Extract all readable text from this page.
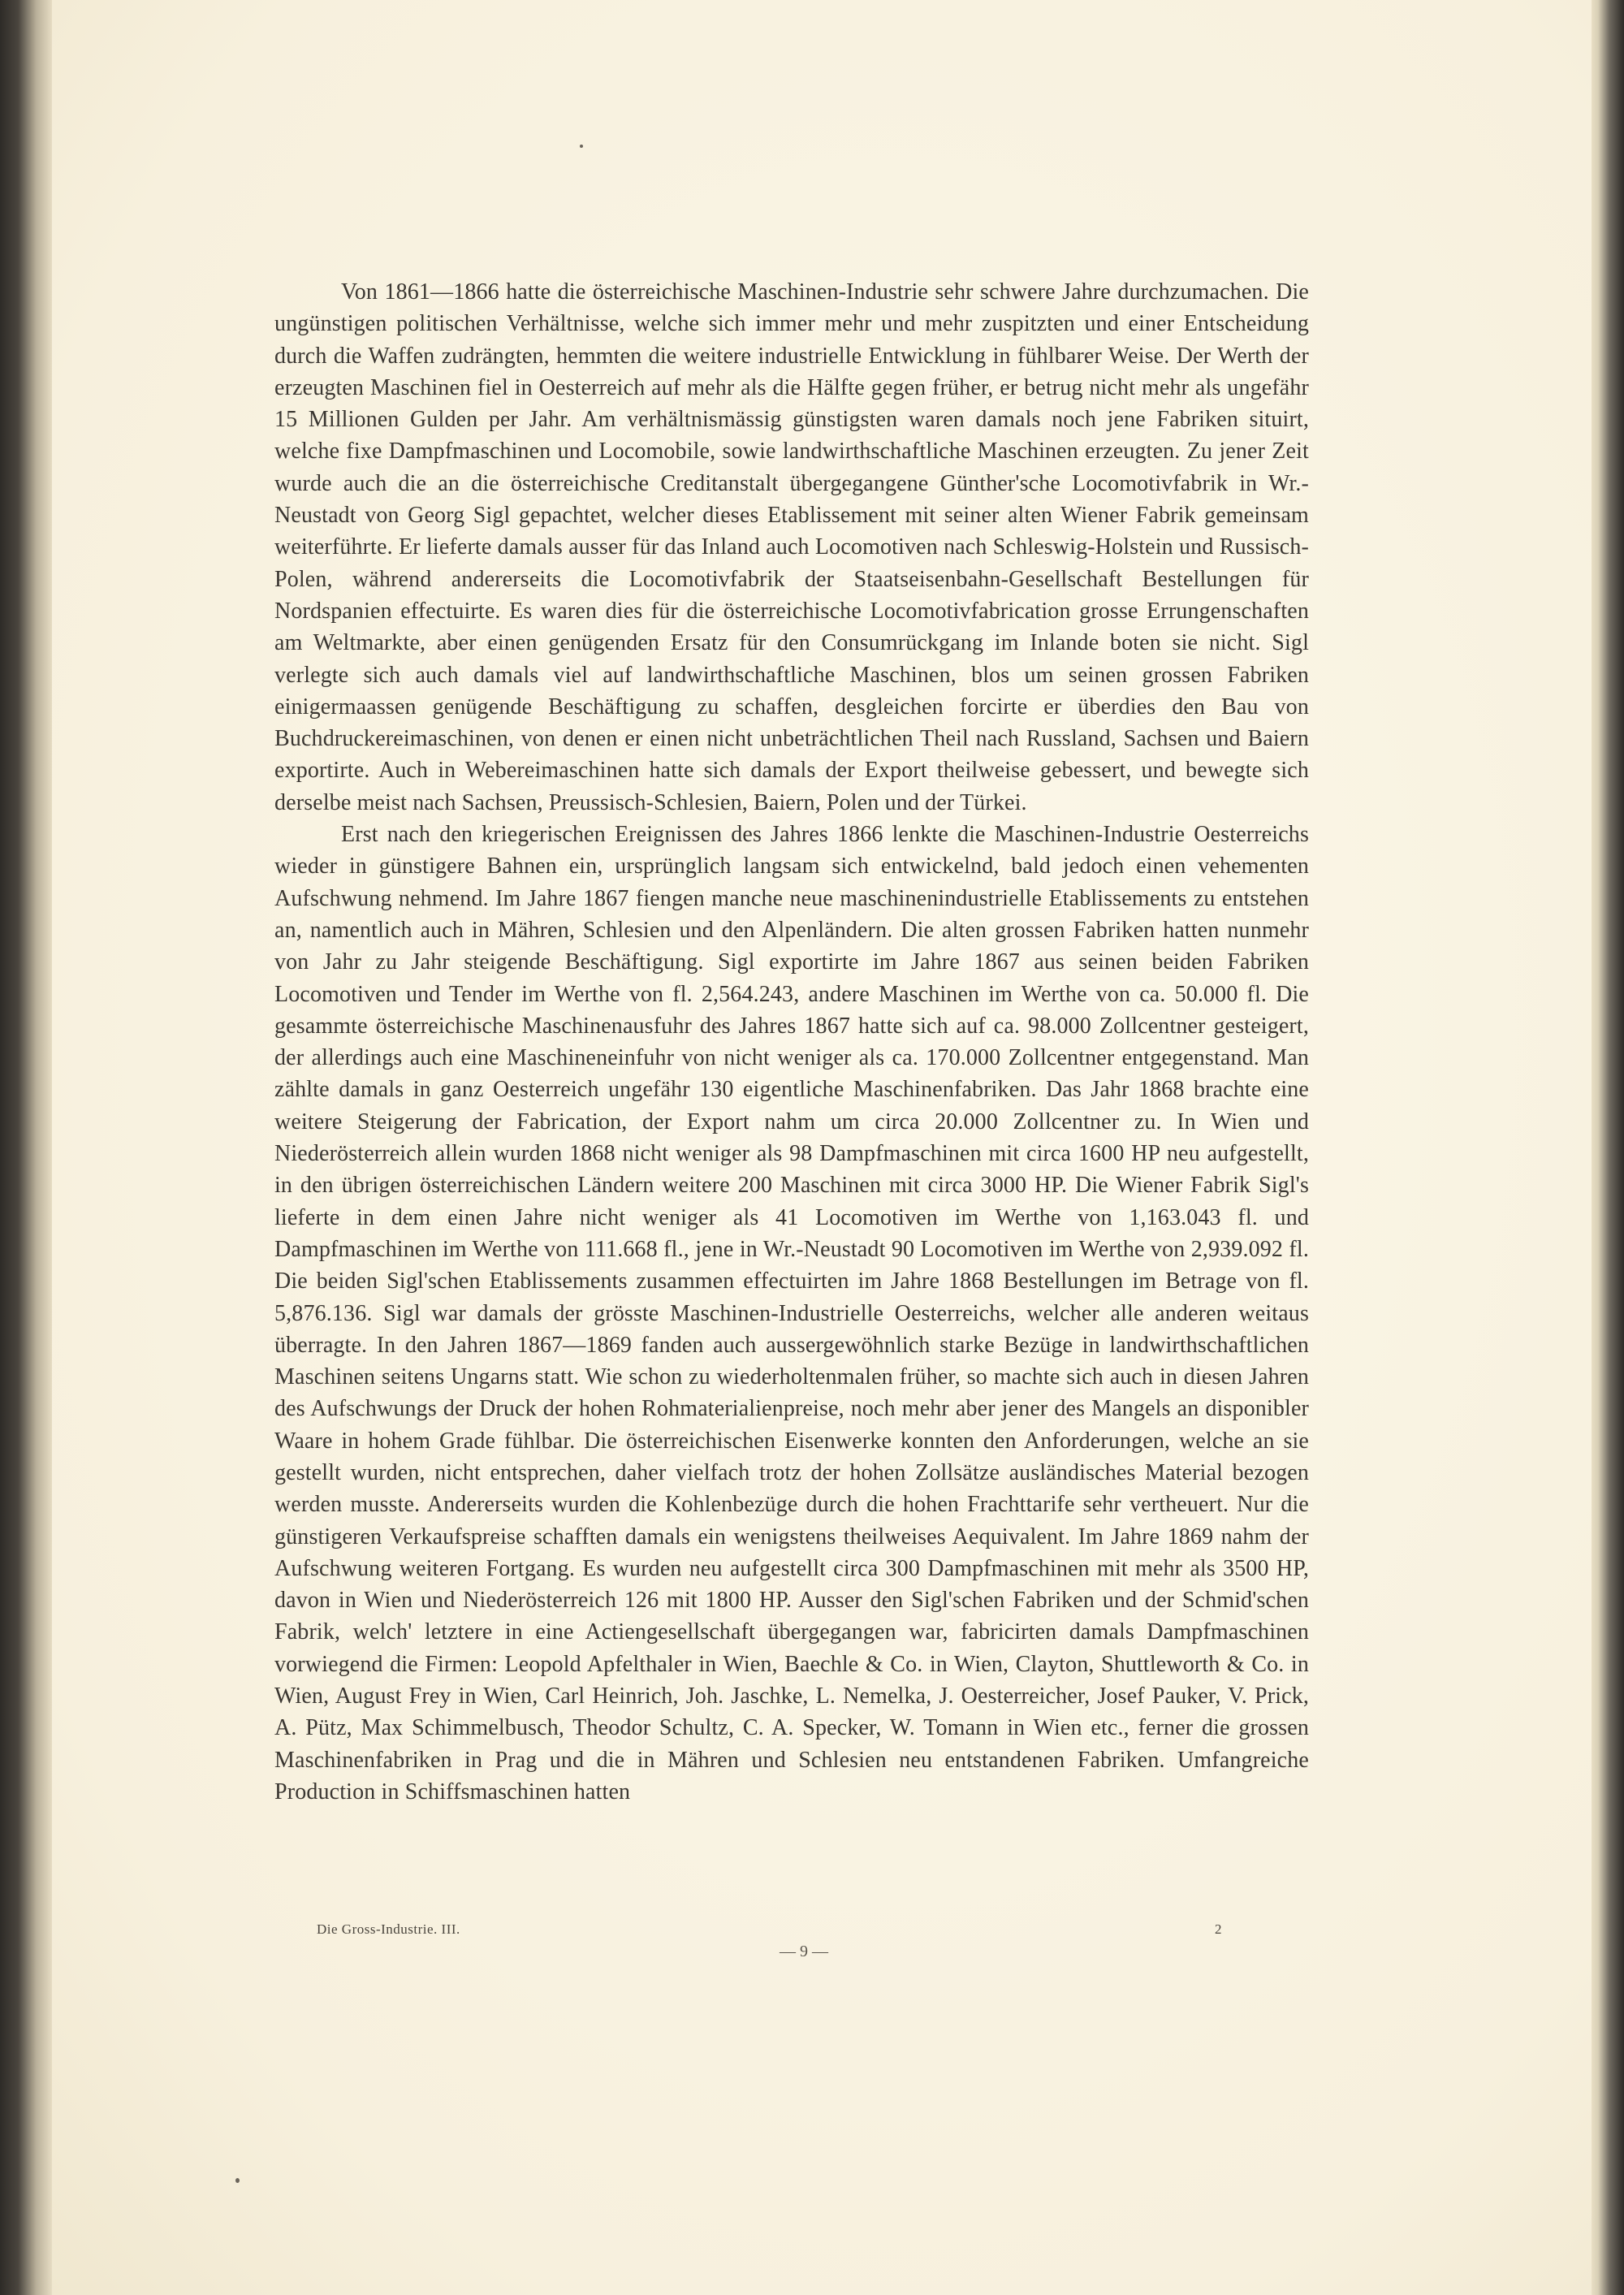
Von 1861—1866 hatte die österreichische Maschinen-Industrie sehr schwere Jahre durchzumachen. Die ungünstigen politischen Verhältnisse, welche sich immer mehr und mehr zuspitzten und einer Entscheidung durch die Waffen zudrängten, hemmten die weitere industrielle Entwicklung in fühlbarer Weise. Der Werth der erzeugten Maschinen fiel in Oesterreich auf mehr als die Hälfte gegen früher, er betrug nicht mehr als ungefähr 15 Millionen Gulden per Jahr. Am verhältnismässig günstigsten waren damals noch jene Fabriken situirt, welche fixe Dampfmaschinen und Locomobile, sowie landwirthschaftliche Maschinen erzeugten. Zu jener Zeit wurde auch die an die österreichische Creditanstalt übergegangene Günther'sche Locomotivfabrik in Wr.-Neustadt von Georg Sigl gepachtet, welcher dieses Etablissement mit seiner alten Wiener Fabrik gemeinsam weiterführte. Er lieferte damals ausser für das Inland auch Locomotiven nach Schleswig-Holstein und Russisch-Polen, während andererseits die Locomotivfabrik der Staatseisenbahn-Gesellschaft Bestellungen für Nordspanien effectuirte. Es waren dies für die österreichische Locomotivfabrication grosse Errungenschaften am Weltmarkte, aber einen genügenden Ersatz für den Consumrückgang im Inlande boten sie nicht. Sigl verlegte sich auch damals viel auf landwirthschaftliche Maschinen, blos um seinen grossen Fabriken einigermaassen genügende Beschäftigung zu schaffen, desgleichen forcirte er überdies den Bau von Buchdruckereimaschinen, von denen er einen nicht unbeträchtlichen Theil nach Russland, Sachsen und Baiern exportirte. Auch in Webereimaschinen hatte sich damals der Export theilweise gebessert, und bewegte sich derselbe meist nach Sachsen, Preussisch-Schlesien, Baiern, Polen und der Türkei.

Erst nach den kriegerischen Ereignissen des Jahres 1866 lenkte die Maschinen-Industrie Oesterreichs wieder in günstigere Bahnen ein, ursprünglich langsam sich entwickelnd, bald jedoch einen vehementen Aufschwung nehmend. Im Jahre 1867 fiengen manche neue maschinenindustrielle Etablissements zu entstehen an, namentlich auch in Mähren, Schlesien und den Alpenländern. Die alten grossen Fabriken hatten nunmehr von Jahr zu Jahr steigende Beschäftigung. Sigl exportirte im Jahre 1867 aus seinen beiden Fabriken Locomotiven und Tender im Werthe von fl. 2,564.243, andere Maschinen im Werthe von ca. 50.000 fl. Die gesammte österreichische Maschinenausfuhr des Jahres 1867 hatte sich auf ca. 98.000 Zollcentner gesteigert, der allerdings auch eine Maschineneinfuhr von nicht weniger als ca. 170.000 Zollcentner entgegenstand. Man zählte damals in ganz Oesterreich ungefähr 130 eigentliche Maschinenfabriken. Das Jahr 1868 brachte eine weitere Steigerung der Fabrication, der Export nahm um circa 20.000 Zollcentner zu. In Wien und Niederösterreich allein wurden 1868 nicht weniger als 98 Dampfmaschinen mit circa 1600 HP neu aufgestellt, in den übrigen österreichischen Ländern weitere 200 Maschinen mit circa 3000 HP. Die Wiener Fabrik Sigl's lieferte in dem einen Jahre nicht weniger als 41 Locomotiven im Werthe von 1,163.043 fl. und Dampfmaschinen im Werthe von 111.668 fl., jene in Wr.-Neustadt 90 Locomotiven im Werthe von 2,939.092 fl. Die beiden Sigl'schen Etablissements zusammen effectuirten im Jahre 1868 Bestellungen im Betrage von fl. 5,876.136. Sigl war damals der grösste Maschinen-Industrielle Oesterreichs, welcher alle anderen weitaus überragte. In den Jahren 1867—1869 fanden auch aussergewöhnlich starke Bezüge in landwirthschaftlichen Maschinen seitens Ungarns statt. Wie schon zu wiederholtenmalen früher, so machte sich auch in diesen Jahren des Aufschwungs der Druck der hohen Rohmaterialienpreise, noch mehr aber jener des Mangels an disponibler Waare in hohem Grade fühlbar. Die österreichischen Eisenwerke konnten den Anforderungen, welche an sie gestellt wurden, nicht entsprechen, daher vielfach trotz der hohen Zollsätze ausländisches Material bezogen werden musste. Andererseits wurden die Kohlenbezüge durch die hohen Frachttarife sehr vertheuert. Nur die günstigeren Verkaufspreise schafften damals ein wenigstens theilweises Aequivalent. Im Jahre 1869 nahm der Aufschwung weiteren Fortgang. Es wurden neu aufgestellt circa 300 Dampfmaschinen mit mehr als 3500 HP, davon in Wien und Niederösterreich 126 mit 1800 HP. Ausser den Sigl'schen Fabriken und der Schmid'schen Fabrik, welch' letztere in eine Actiengesellschaft übergegangen war, fabricirten damals Dampfmaschinen vorwiegend die Firmen: Leopold Apfelthaler in Wien, Baechle & Co. in Wien, Clayton, Shuttleworth & Co. in Wien, August Frey in Wien, Carl Heinrich, Joh. Jaschke, L. Nemelka, J. Oesterreicher, Josef Pauker, V. Prick, A. Pütz, Max Schimmelbusch, Theodor Schultz, C. A. Specker, W. Tomann in Wien etc., ferner die grossen Maschinenfabriken in Prag und die in Mähren und Schlesien neu entstandenen Fabriken. Umfangreiche Production in Schiffsmaschinen hatten

Die Gross-Industrie. III.	2
— 9 —
